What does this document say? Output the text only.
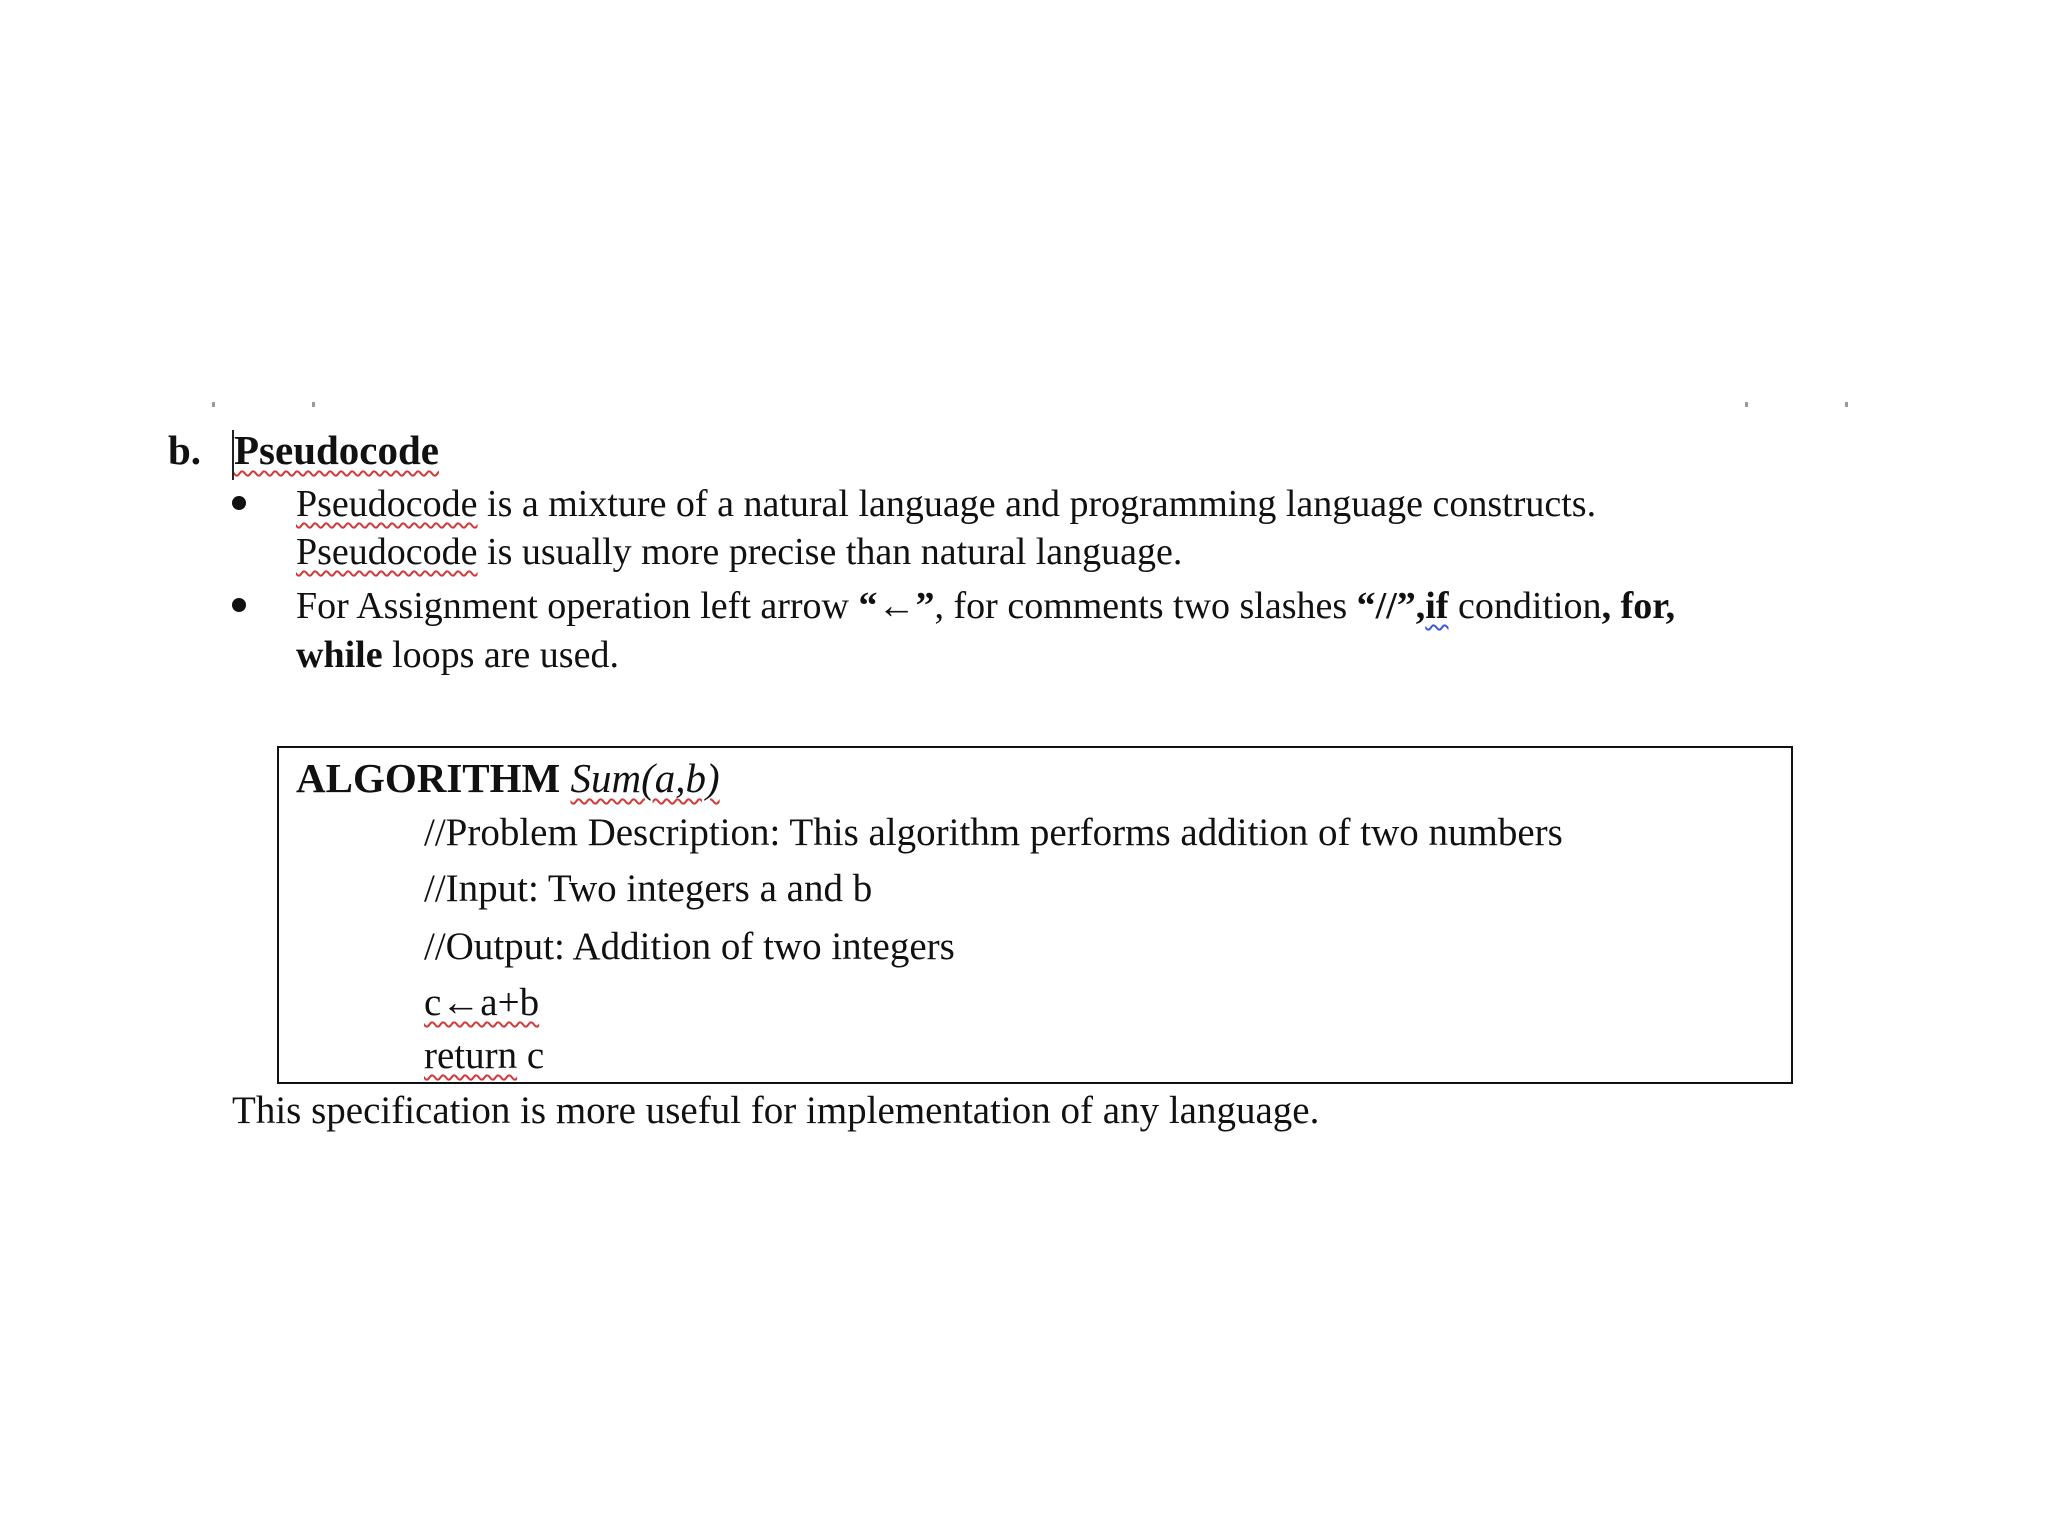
b. Pseudocode
Pseudocode is a mixture of a natural language and programming language constructs.
Pseudocode is usually more precise than natural language.
For Assignment operation left arrow “←”, for comments two slashes “//”,if condition, for,
while loops are used.
ALGORITHM Sum(a,b)
//Problem Description: This algorithm performs addition of two numbers
//Input: Two integers a and b
//Output: Addition of two integers
c←a+b
return c
This specification is more useful for implementation of any language.
